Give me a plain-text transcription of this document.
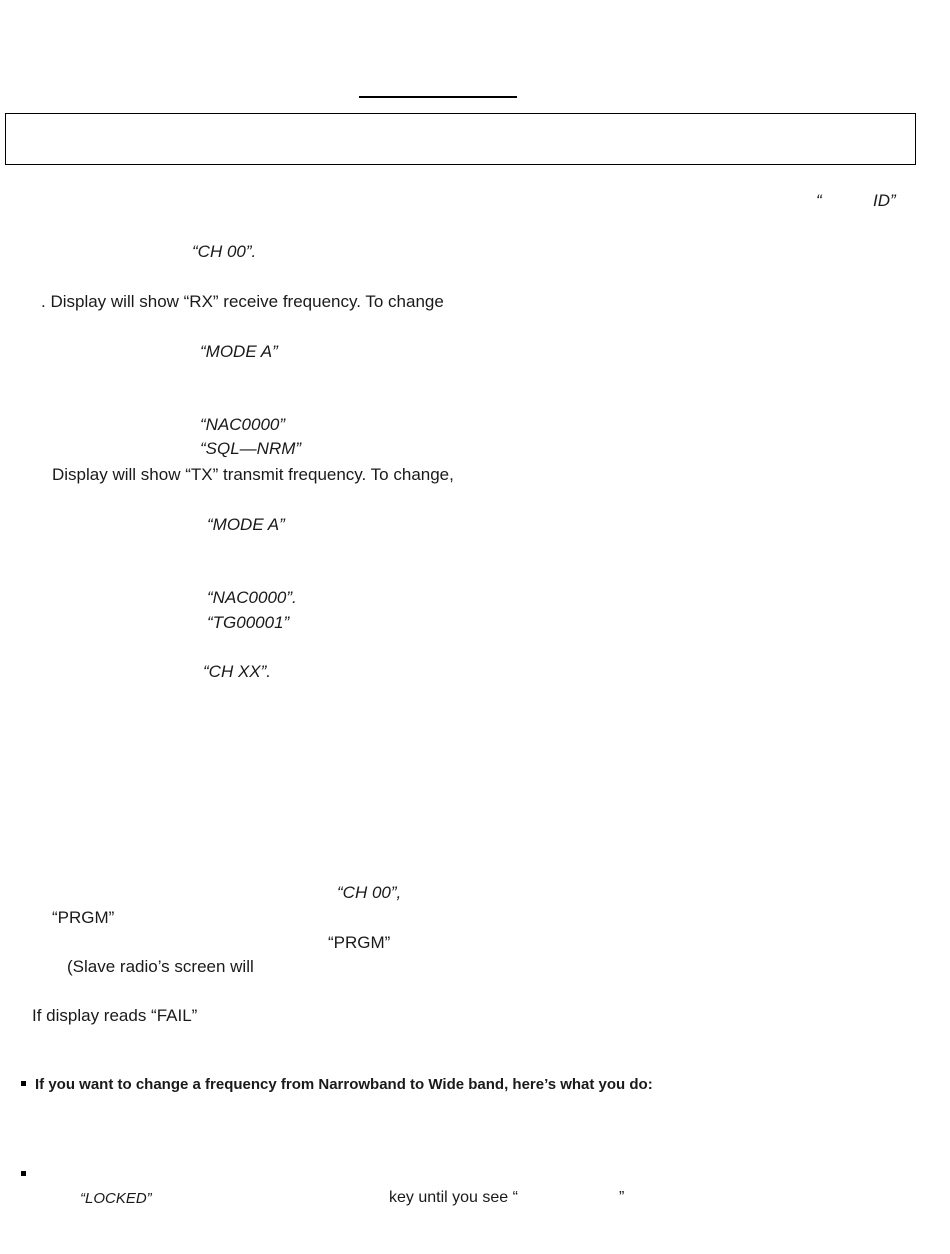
“	ID”
“CH 00”.
. Display will show “RX” receive frequency. To change
“MODE A”
“NAC0000”
“SQL—NRM”
Display will show “TX” transmit frequency. To change,
“MODE A”
“NAC0000”.
“TG00001”
“CH XX”.
“CH 00”,
“PRGM”
“PRGM”
(Slave radio’s screen will
If display reads “FAIL”
If you want to change a frequency from Narrowband to Wide band, here’s what you do:
“LOCKED”	key until you see “	”
